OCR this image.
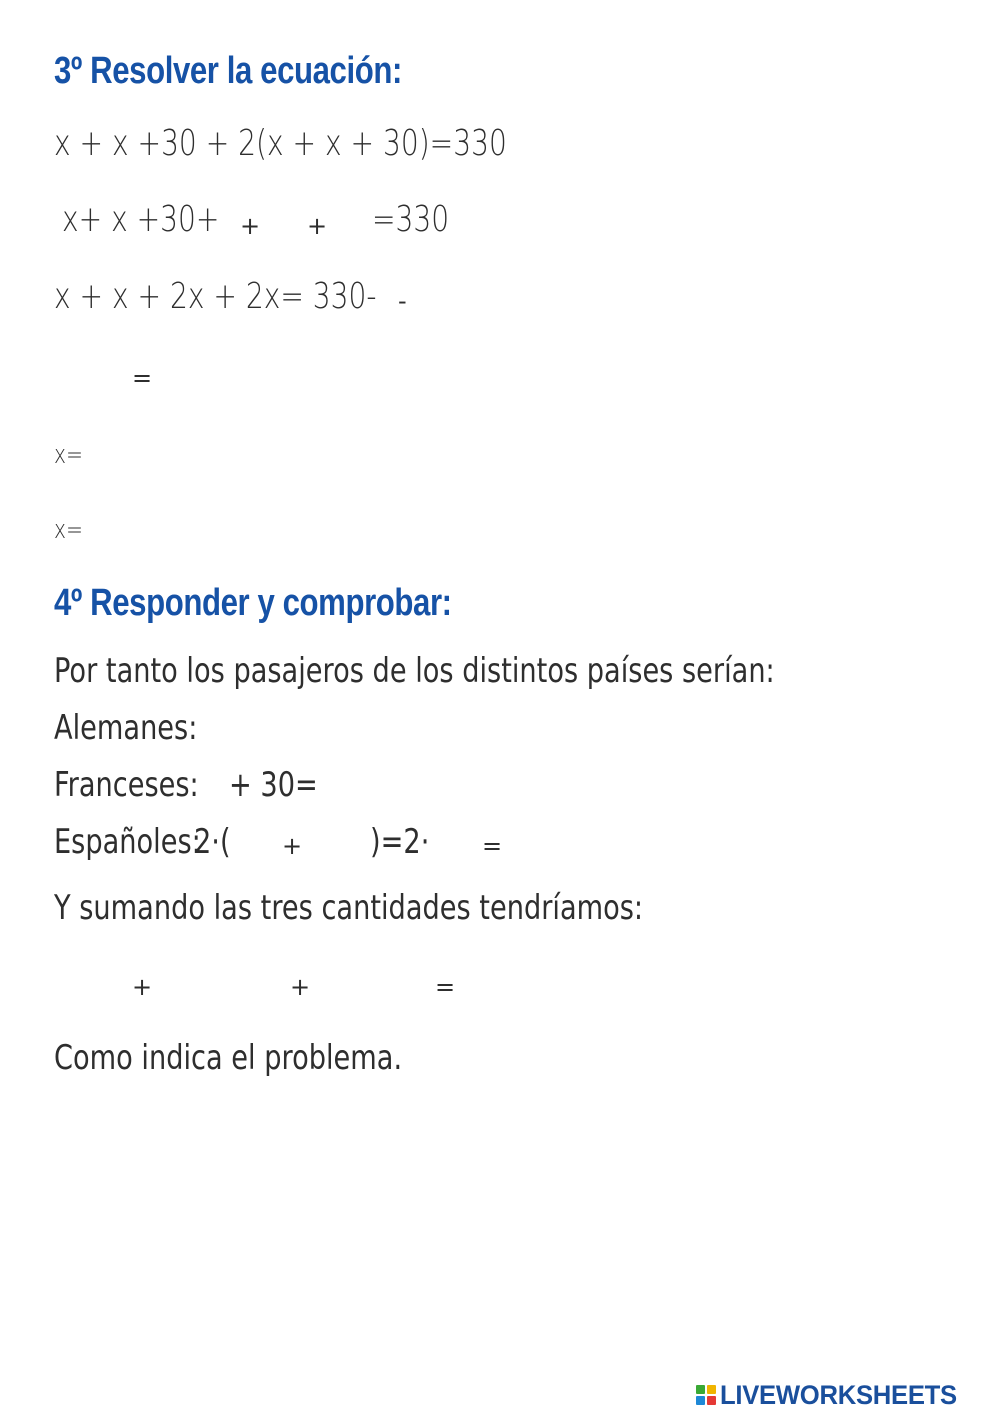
3º Resolver la ecuación:
x + x +30 + 2(x + x + 30)=330
x+ x +30+ + + =330
x + x + 2x + 2x= 330- -
=
x=
x=
4º Responder y comprobar:
Por tanto los pasajeros de los distintos países serían:
Alemanes:
Franceses: + 30=
Españoles:
2·( + )=2· =
Y sumando las tres cantidades tendríamos:
+	+	=
Como indica el problema.
LIVEWORKSHEETS
